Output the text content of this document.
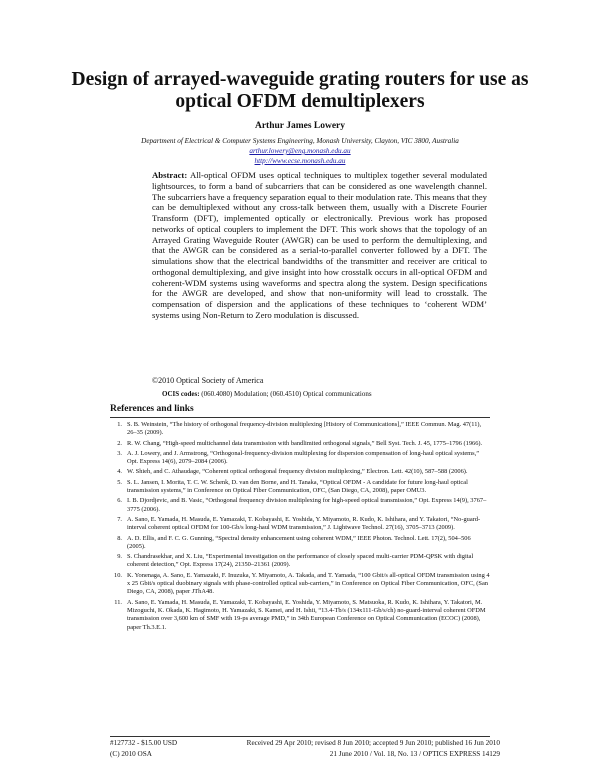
Design of arrayed-waveguide grating routers for use as optical OFDM demultiplexers
Arthur James Lowery
Department of Electrical & Computer Systems Engineering, Monash University, Clayton, VIC 3800, Australia
arthur.lowery@eng.monash.edu.au
http://www.ecse.monash.edu.au

Abstract: All-optical OFDM uses optical techniques to multiplex together several modulated lightsources, to form a band of subcarriers that can be considered as one wavelength channel. The subcarriers have a frequency separation equal to their modulation rate. This means that they can be demultiplexed without any cross-talk between them, usually with a Discrete Fourier Transform (DFT), implemented optically or electronically. Previous work has proposed networks of optical couplers to implement the DFT. This work shows that the topology of an Arrayed Grating Waveguide Router (AWGR) can be used to perform the demultiplexing, and that the AWGR can be considered as a serial-to-parallel converter followed by a DFT. The simulations show that the electrical bandwidths of the transmitter and receiver are critical to orthogonal demultiplexing, and give insight into how crosstalk occurs in all-optical OFDM and coherent-WDM systems using waveforms and spectra along the system. Design specifications for the AWGR are developed, and show that non-uniformity will lead to crosstalk. The compensation of dispersion and the applications of these techniques to ‘coherent WDM’ systems using Non-Return to Zero modulation is discussed.

©2010 Optical Society of America
OCIS codes: (060.4080) Modulation; (060.4510) Optical communications
References and links
1. S. B. Weinstein, “The history of orthogonal frequency-division multiplexing [History of Communications],” IEEE Commun. Mag. 47(11), 26–35 (2009).
2. R. W. Chang, “High-speed multichannel data transmission with bandlimited orthogonal signals,” Bell Syst. Tech. J. 45, 1775–1796 (1966).
3. A. J. Lowery, and J. Armstrong, “Orthogonal-frequency-division multiplexing for dispersion compensation of long-haul optical systems,” Opt. Express 14(6), 2079–2084 (2006).
4. W. Shieh, and C. Athaudage, “Coherent optical orthogonal frequency division multiplexing,” Electron. Lett. 42(10), 587–588 (2006).
5. S. L. Jansen, I. Morita, T. C. W. Schenk, D. van den Borne, and H. Tanaka, “Optical OFDM - A candidate for future long-haul optical transmission systems,” in Conference on Optical Fiber Communication, OFC, (San Diego, CA, 2008), paper OMU3.
6. I. B. Djordjevic, and B. Vasic, “Orthogonal frequency division multiplexing for high-speed optical transmission,” Opt. Express 14(9), 3767–3775 (2006).
7. A. Sano, E. Yamada, H. Masuda, E. Yamazaki, T. Kobayashi, E. Yoshida, Y. Miyamoto, R. Kudo, K. Ishihara, and Y. Takatori, “No-guard-interval coherent optical OFDM for 100-Gb/s long-haul WDM transmission,” J. Lightwave Technol. 27(16), 3705–3713 (2009).
8. A. D. Ellis, and F. C. G. Gunning, “Spectral density enhancement using coherent WDM,” IEEE Photon. Technol. Lett. 17(2), 504–506 (2005).
9. S. Chandrasekhar, and X. Liu, “Experimental investigation on the performance of closely spaced multi-carrier PDM-QPSK with digital coherent detection,” Opt. Express 17(24), 21350–21361 (2009).
10. K. Yonenaga, A. Sano, E. Yamazaki, F. Inuzuka, Y. Miyamoto, A. Takada, and T. Yamada, “100 Gbit/s all-optical OFDM transmission using 4 x 25 Gbit/s optical duobinary signals with phase-controlled optical sub-carriers,” in Conference on Optical Fiber Communication, OFC, (San Diego, CA, 2008), paper JThA48.
11. A. Sano, E. Yamada, H. Masuda, E. Yamazaki, T. Kobayashi, E. Yoshida, Y. Miyamoto, S. Matsuoka, R. Kudo, K. Ishihara, Y. Takatori, M. Mizoguchi, K. Okada, K. Hagimoto, H. Yamazaki, S. Kamei, and H. Ishii, “13.4-Tb/s (134x111-Gb/s/ch) no-guard-interval coherent OFDM transmission over 3,600 km of SMF with 19-ps average PMD,” in 34th European Conference on Optical Communication (ECOC) (2008), paper Th.3.E.1.
#127732 - $15.00 USD	Received 29 Apr 2010; revised 8 Jun 2010; accepted 9 Jun 2010; published 16 Jun 2010
(C) 2010 OSA	21 June 2010 / Vol. 18, No. 13 / OPTICS EXPRESS 14129
